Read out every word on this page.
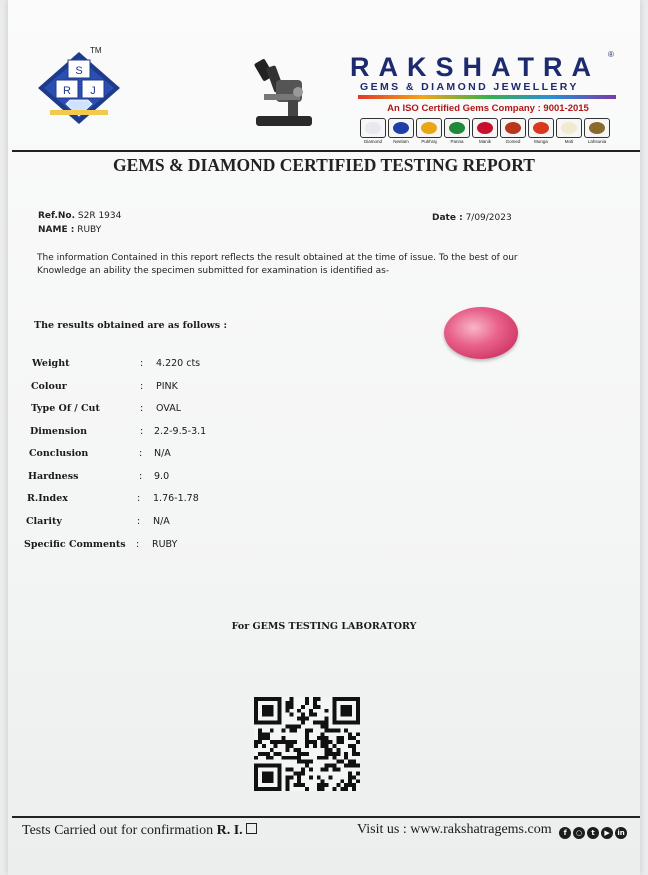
S
R J
TM
RAKSHATRA	®
GEMS & DIAMOND JEWELLERY
An ISO Certified Gems Company : 9001-2015
Diamond Neelam	Pukhraj	Panna	Manik	Gomed	Munga	Moti	Lahsunia
GEMS & DIAMOND CERTIFIED TESTING REPORT
Ref.No. S2R 1934
NAME : RUBY
Date : 7/09/2023
The information Contained in this report reflects the result obtained at the time of issue. To the best of our Knowledge an ability the specimen submitted for examination is identified as-
The results obtained are as follows :
Weight	: 4.220 cts
Colour	: PINK
Type Of / Cut	: OVAL
Dimension	: 2.2-9.5-3.1
Conclusion	: N/A
Hardness	: 9.0
R.Index	: 1.76-1.78
Clarity	: N/A
Specific Comments : RUBY
For GEMS TESTING LABORATORY
Tests Carried out for confirmation R. I.	Visit us : www.rakshatragems.com	f	○	t	▶	in
